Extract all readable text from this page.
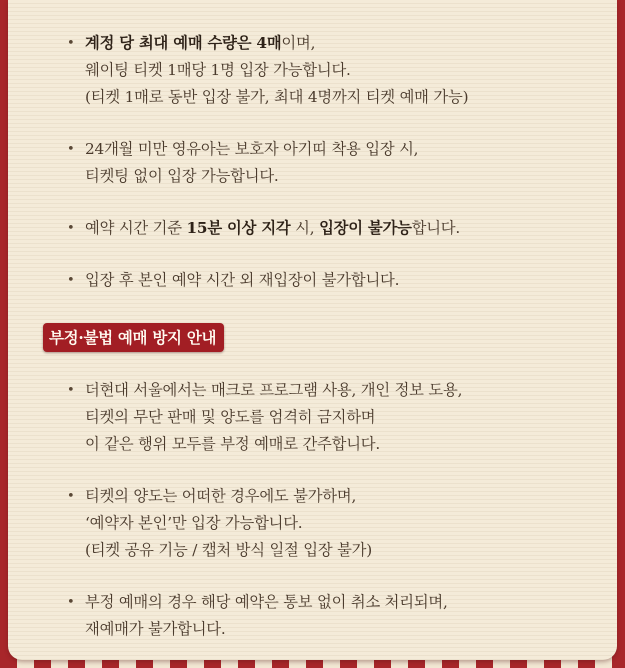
• 계정 당 최대 예매 수량은 4매이며,
웨이팅 티켓 1매당 1명 입장 가능합니다.
(티켓 1매로 동반 입장 불가, 최대 4명까지 티켓 예매 가능)
• 24개월 미만 영유아는 보호자 아기띠 착용 입장 시,
티켓팅 없이 입장 가능합니다.
• 예약 시간 기준 15분 이상 지각 시, 입장이 불가능합니다.
• 입장 후 본인 예약 시간 외 재입장이 불가합니다.
부정·불법 예매 방지 안내
• 더현대 서울에서는 매크로 프로그램 사용, 개인 정보 도용,
티켓의 무단 판매 및 양도를 엄격히 금지하며
이 같은 행위 모두를 부정 예매로 간주합니다.
• 티켓의 양도는 어떠한 경우에도 불가하며,
‘예약자 본인’만 입장 가능합니다.
(티켓 공유 기능 / 캡처 방식 일절 입장 불가)
• 부정 예매의 경우 해당 예약은 통보 없이 취소 처리되며,
재예매가 불가합니다.
